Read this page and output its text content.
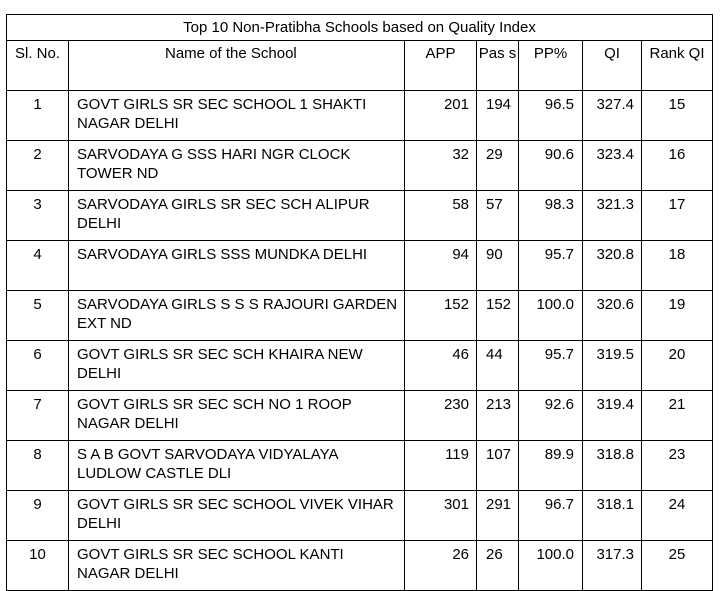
Top 10 Non-Pratibha Schools based on Quality Index						
Sl. No.	Name of the School	APP	Pas s	PP%	QI	Rank QI
1	GOVT GIRLS SR SEC SCHOOL 1 SHAKTI NAGAR DELHI	201	194	96.5	327.4	15
2	SARVODAYA G SSS HARI NGR CLOCK TOWER ND	32	29	90.6	323.4	16
3	SARVODAYA GIRLS SR SEC SCH ALIPUR DELHI	58	57	98.3	321.3	17
4	SARVODAYA GIRLS SSS MUNDKA DELHI	94	90	95.7	320.8	18
5	SARVODAYA GIRLS S S S RAJOURI GARDEN EXT ND	152	152	100.0	320.6	19
6	GOVT GIRLS SR SEC SCH KHAIRA NEW DELHI	46	44	95.7	319.5	20
7	GOVT GIRLS SR SEC SCH NO 1 ROOP NAGAR DELHI	230	213	92.6	319.4	21
8	S A B GOVT SARVODAYA VIDYALAYA LUDLOW CASTLE DLI	119	107	89.9	318.8	23
9	GOVT GIRLS SR SEC SCHOOL VIVEK VIHAR DELHI	301	291	96.7	318.1	24
10	GOVT GIRLS SR SEC SCHOOL KANTI NAGAR DELHI	26	26	100.0	317.3	25
